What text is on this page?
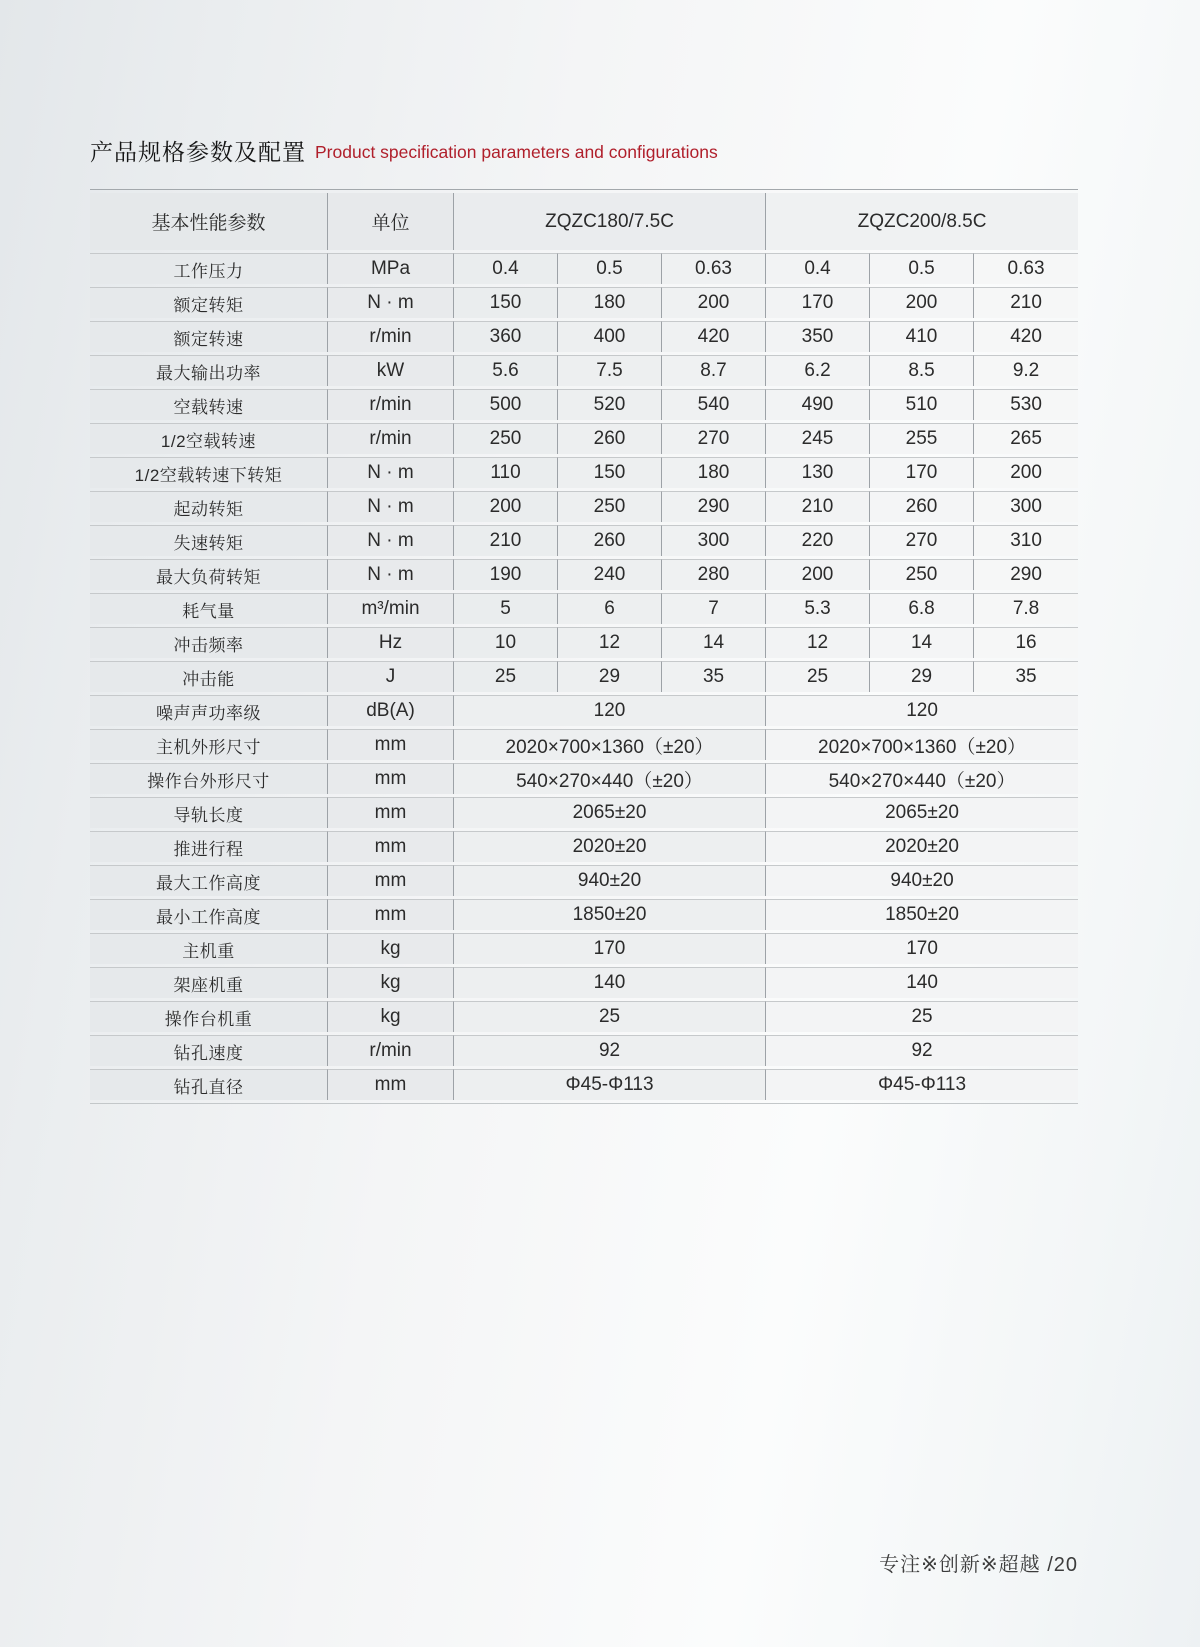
产品规格参数及配置 Product specification parameters and configurations
基本性能参数	单位	ZQZC180/7.5C			ZQZC200/8.5C		
工作压力	MPa	0.4	0.5	0.63	0.4	0.5	0.63
额定转矩	N · m	150	180	200	170	200	210
额定转速	r/min	360	400	420	350	410	420
最大输出功率	kW	5.6	7.5	8.7	6.2	8.5	9.2
空载转速	r/min	500	520	540	490	510	530
1/2空载转速	r/min	250	260	270	245	255	265
1/2空载转速下转矩	N · m	110	150	180	130	170	200
起动转矩	N · m	200	250	290	210	260	300
失速转矩	N · m	210	260	300	220	270	310
最大负荷转矩	N · m	190	240	280	200	250	290
耗气量	m³/min	5	6	7	5.3	6.8	7.8
冲击频率	Hz	10	12	14	12	14	16
冲击能	J	25	29	35	25	29	35
噪声声功率级	dB(A)	120			120		
主机外形尺寸	mm	2020×700×1360（±20）			2020×700×1360（±20）		
操作台外形尺寸	mm	540×270×440（±20）			540×270×440（±20）		
导轨长度	mm	2065±20			2065±20		
推进行程	mm	2020±20			2020±20		
最大工作高度	mm	940±20			940±20		
最小工作高度	mm	1850±20			1850±20		
主机重	kg	170			170		
架座机重	kg	140			140		
操作台机重	kg	25			25		
钻孔速度	r/min	92			92		
钻孔直径	mm	Φ45-Φ113			Φ45-Φ113		
专注※创新※超越 /20
